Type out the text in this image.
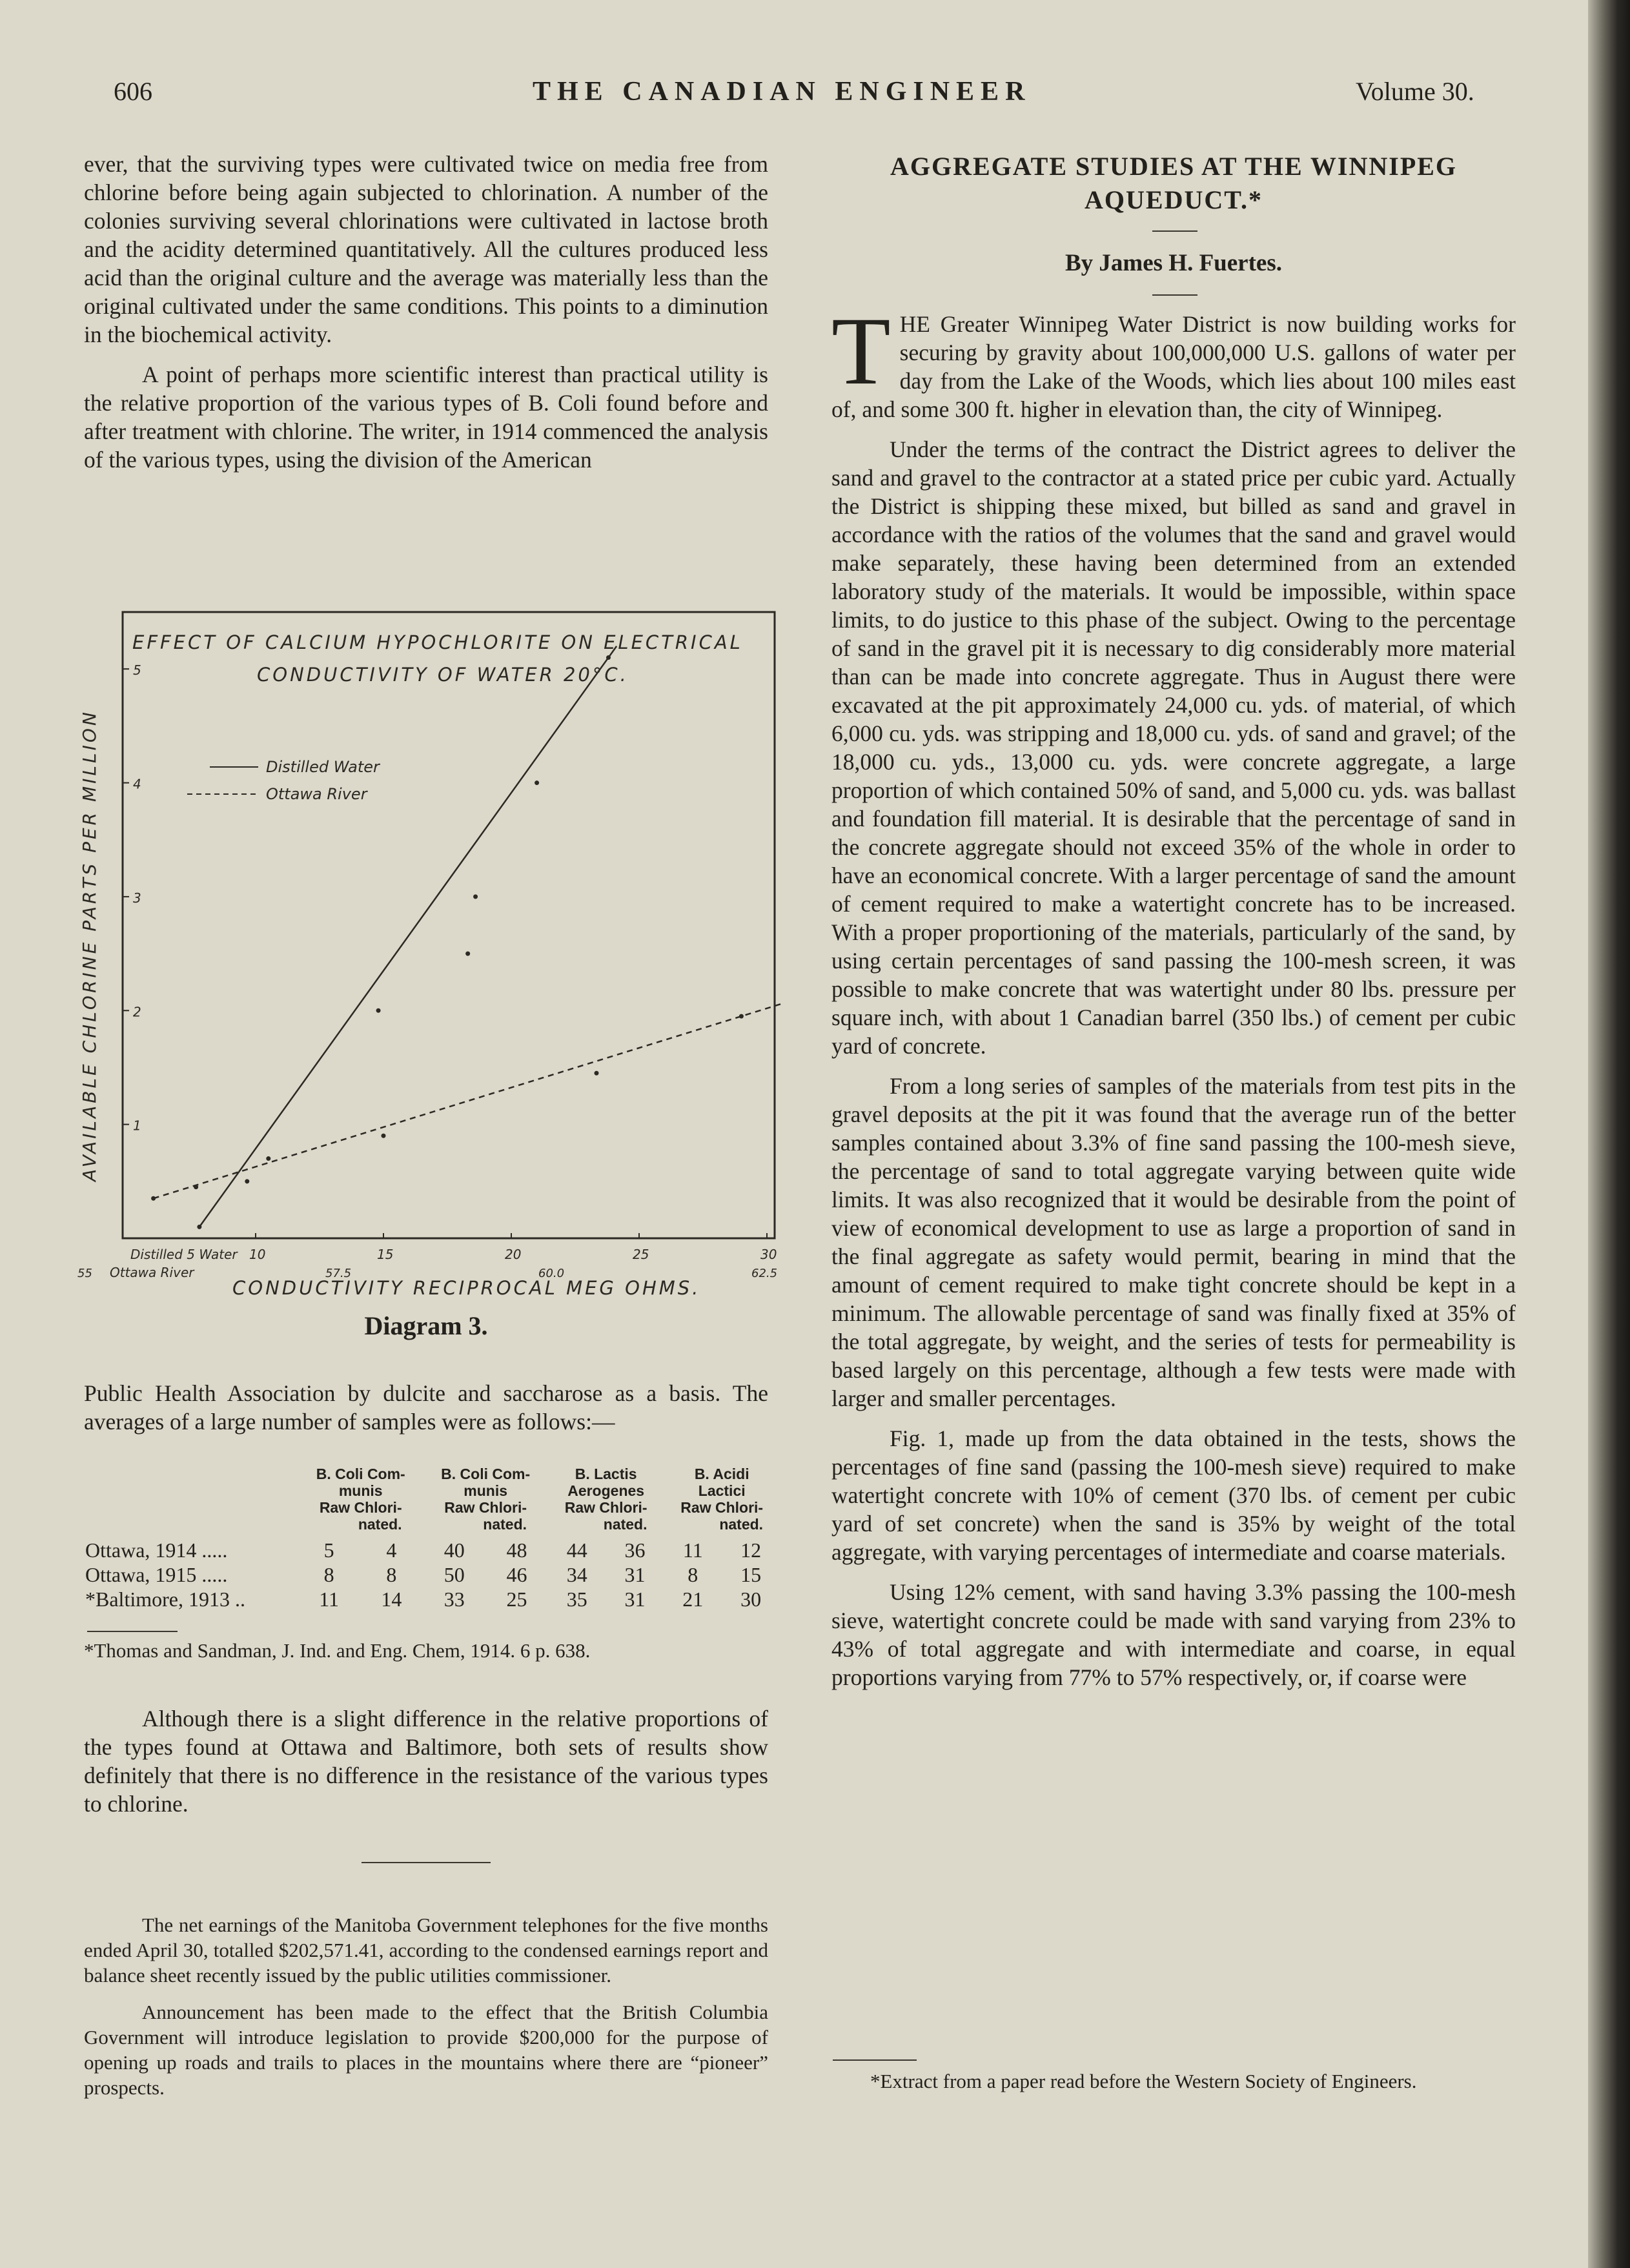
606	THE CANADIAN ENGINEER	Volume 30.

ever, that the surviving types were cultivated twice on media free from chlorine before being again subjected to chlorination. A number of the colonies surviving several chlorinations were cultivated in lactose broth and the acidity determined quantitatively. All the cultures produced less acid than the original culture and the average was materially less than the original cultivated under the same conditions. This points to a diminution in the biochemical activity.

A point of perhaps more scientific interest than practical utility is the relative proportion of the various types of B. Coli found before and after treatment with chlorine. The writer, in 1914 commenced the analysis of the various types, using the division of the American

EFFECT OF CALCIUM HYPOCHLORITE ON ELECTRICAL
CONDUCTIVITY OF WATER 20°C.
AVAILABLE CHLORINE PARTS PER MILLION
CONDUCTIVITY RECIPROCAL MEG OHMS.
Distilled Water
Ottawa River
1
2
3
4
5
Distilled 5 Water 10	15	20	25	30
55 Ottawa River	57.5	60.0	62.5
Diagram 3.

Public Health Association by dulcite and saccharose as a basis. The averages of a large number of samples were as follows:—

	B. Coli Com-
munis
Raw Chlori-
nated.		B. Coli Com-
munis
Raw Chlori-
nated.		B. Lactis
Aerogenes
Raw Chlori-
nated.		B. Acidi
Lactici
Raw Chlori-
nated.	
Ottawa, 1914 .....	5	4	40	48	44	36	11	12
Ottawa, 1915 .....	8	8	50	46	34	31	8	15
*Baltimore, 1913 ..	11	14	33	25	35	31	21	30
*Thomas and Sandman, J. Ind. and Eng. Chem, 1914. 6 p. 638.

Although there is a slight difference in the relative proportions of the types found at Ottawa and Baltimore, both sets of results show definitely that there is no difference in the resistance of the various types to chlorine.

The net earnings of the Manitoba Government telephones for the five months ended April 30, totalled $202,571.41, according to the condensed earnings report and balance sheet recently issued by the public utilities commissioner.

Announcement has been made to the effect that the British Columbia Government will introduce legislation to provide $200,000 for the purpose of opening up roads and trails to places in the mountains where there are “pioneer” prospects.

AGGREGATE STUDIES AT THE WINNIPEG
AQUEDUCT.*
By James H. Fuertes.

THE Greater Winnipeg Water District is now building works for securing by gravity about 100,000,000 U.S. gallons of water per day from the Lake of the Woods, which lies about 100 miles east of, and some 300 ft. higher in elevation than, the city of Winnipeg.

Under the terms of the contract the District agrees to deliver the sand and gravel to the contractor at a stated price per cubic yard. Actually the District is shipping these mixed, but billed as sand and gravel in accordance with the ratios of the volumes that the sand and gravel would make separately, these having been determined from an extended laboratory study of the materials. It would be impossible, within space limits, to do justice to this phase of the subject. Owing to the percentage of sand in the gravel pit it is necessary to dig considerably more material than can be made into concrete aggregate. Thus in August there were excavated at the pit approximately 24,000 cu. yds. of material, of which 6,000 cu. yds. was stripping and 18,000 cu. yds. of sand and gravel; of the 18,000 cu. yds., 13,000 cu. yds. were concrete aggregate, a large proportion of which contained 50% of sand, and 5,000 cu. yds. was ballast and foundation fill material. It is desirable that the percentage of sand in the concrete aggregate should not exceed 35% of the whole in order to have an economical concrete. With a larger percentage of sand the amount of cement required to make a watertight concrete has to be increased. With a proper proportioning of the materials, particularly of the sand, by using certain percentages of sand passing the 100-mesh screen, it was possible to make concrete that was watertight under 80 lbs. pressure per square inch, with about 1 Canadian barrel (350 lbs.) of cement per cubic yard of concrete.

From a long series of samples of the materials from test pits in the gravel deposits at the pit it was found that the average run of the better samples contained about 3.3% of fine sand passing the 100-mesh sieve, the percentage of sand to total aggregate varying between quite wide limits. It was also recognized that it would be desirable from the point of view of economical development to use as large a proportion of sand in the final aggregate as safety would permit, bearing in mind that the amount of cement required to make tight concrete should be kept in a minimum. The allowable percentage of sand was finally fixed at 35% of the total aggregate, by weight, and the series of tests for permeability is based largely on this percentage, although a few tests were made with larger and smaller percentages.

Fig. 1, made up from the data obtained in the tests, shows the percentages of fine sand (passing the 100-mesh sieve) required to make watertight concrete with 10% of cement (370 lbs. of cement per cubic yard of set concrete) when the sand is 35% by weight of the total aggregate, with varying percentages of intermediate and coarse materials.

Using 12% cement, with sand having 3.3% passing the 100-mesh sieve, watertight concrete could be made with sand varying from 23% to 43% of total aggregate and with intermediate and coarse, in equal proportions varying from 77% to 57% respectively, or, if coarse were

*Extract from a paper read before the Western Society of Engineers.
